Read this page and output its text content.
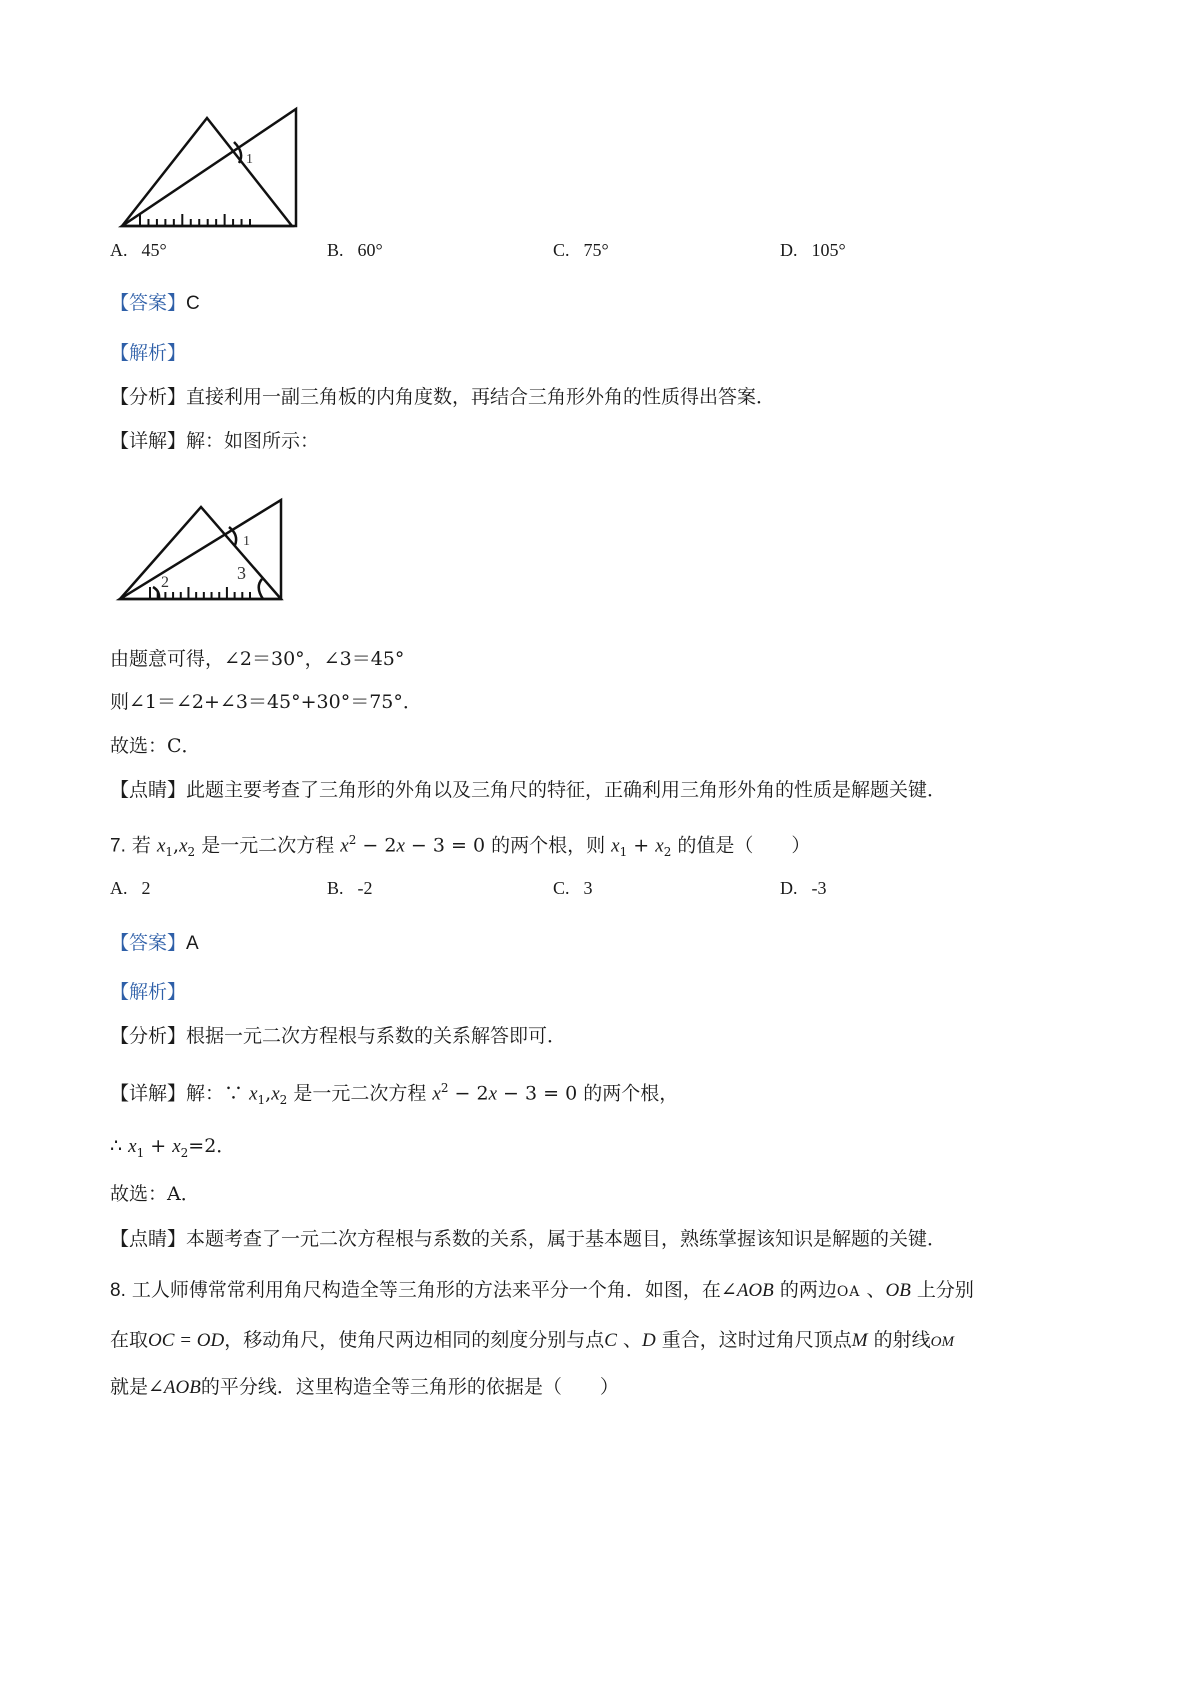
1
A. 45°	B. 60°	C. 75°	D. 105°
【答案】C
【解析】
【分析】直接利用一副三角板的内角度数，再结合三角形外角的性质得出答案．
【详解】解：如图所示：
1
2	3
由题意可得，∠2＝30°，∠3＝45°
则∠1＝∠2+∠3＝45°+30°＝75°．
故选：C．
【点睛】此题主要考查了三角形的外角以及三角尺的特征，正确利用三角形外角的性质是解题关键．
7. 若 $x_1,x_2$ 是一元二次方程 $x^2 - 2x - 3 = 0$ 的两个根，则 $x_1 + x_2$ 的值是（　　）
A. 2	B. -2	C. 3	D. -3
【答案】A
【解析】
【分析】根据一元二次方程根与系数的关系解答即可．
【详解】解：∵ $x_1,x_2$ 是一元二次方程 $x^2 - 2x - 3 = 0$ 的两个根，
∴ $x_1 + x_2=2$．
故选：A．
【点睛】本题考查了一元二次方程根与系数的关系，属于基本题目，熟练掌握该知识是解题的关键．
8. 工人师傅常常利用角尺构造全等三角形的方法来平分一个角．如图，在∠AOB 的两边OA 、OB 上分别
在取OC = OD，移动角尺，使角尺两边相同的刻度分别与点C 、D 重合，这时过角尺顶点M 的射线OM
就是∠AOB的平分线．这里构造全等三角形的依据是（　　）
